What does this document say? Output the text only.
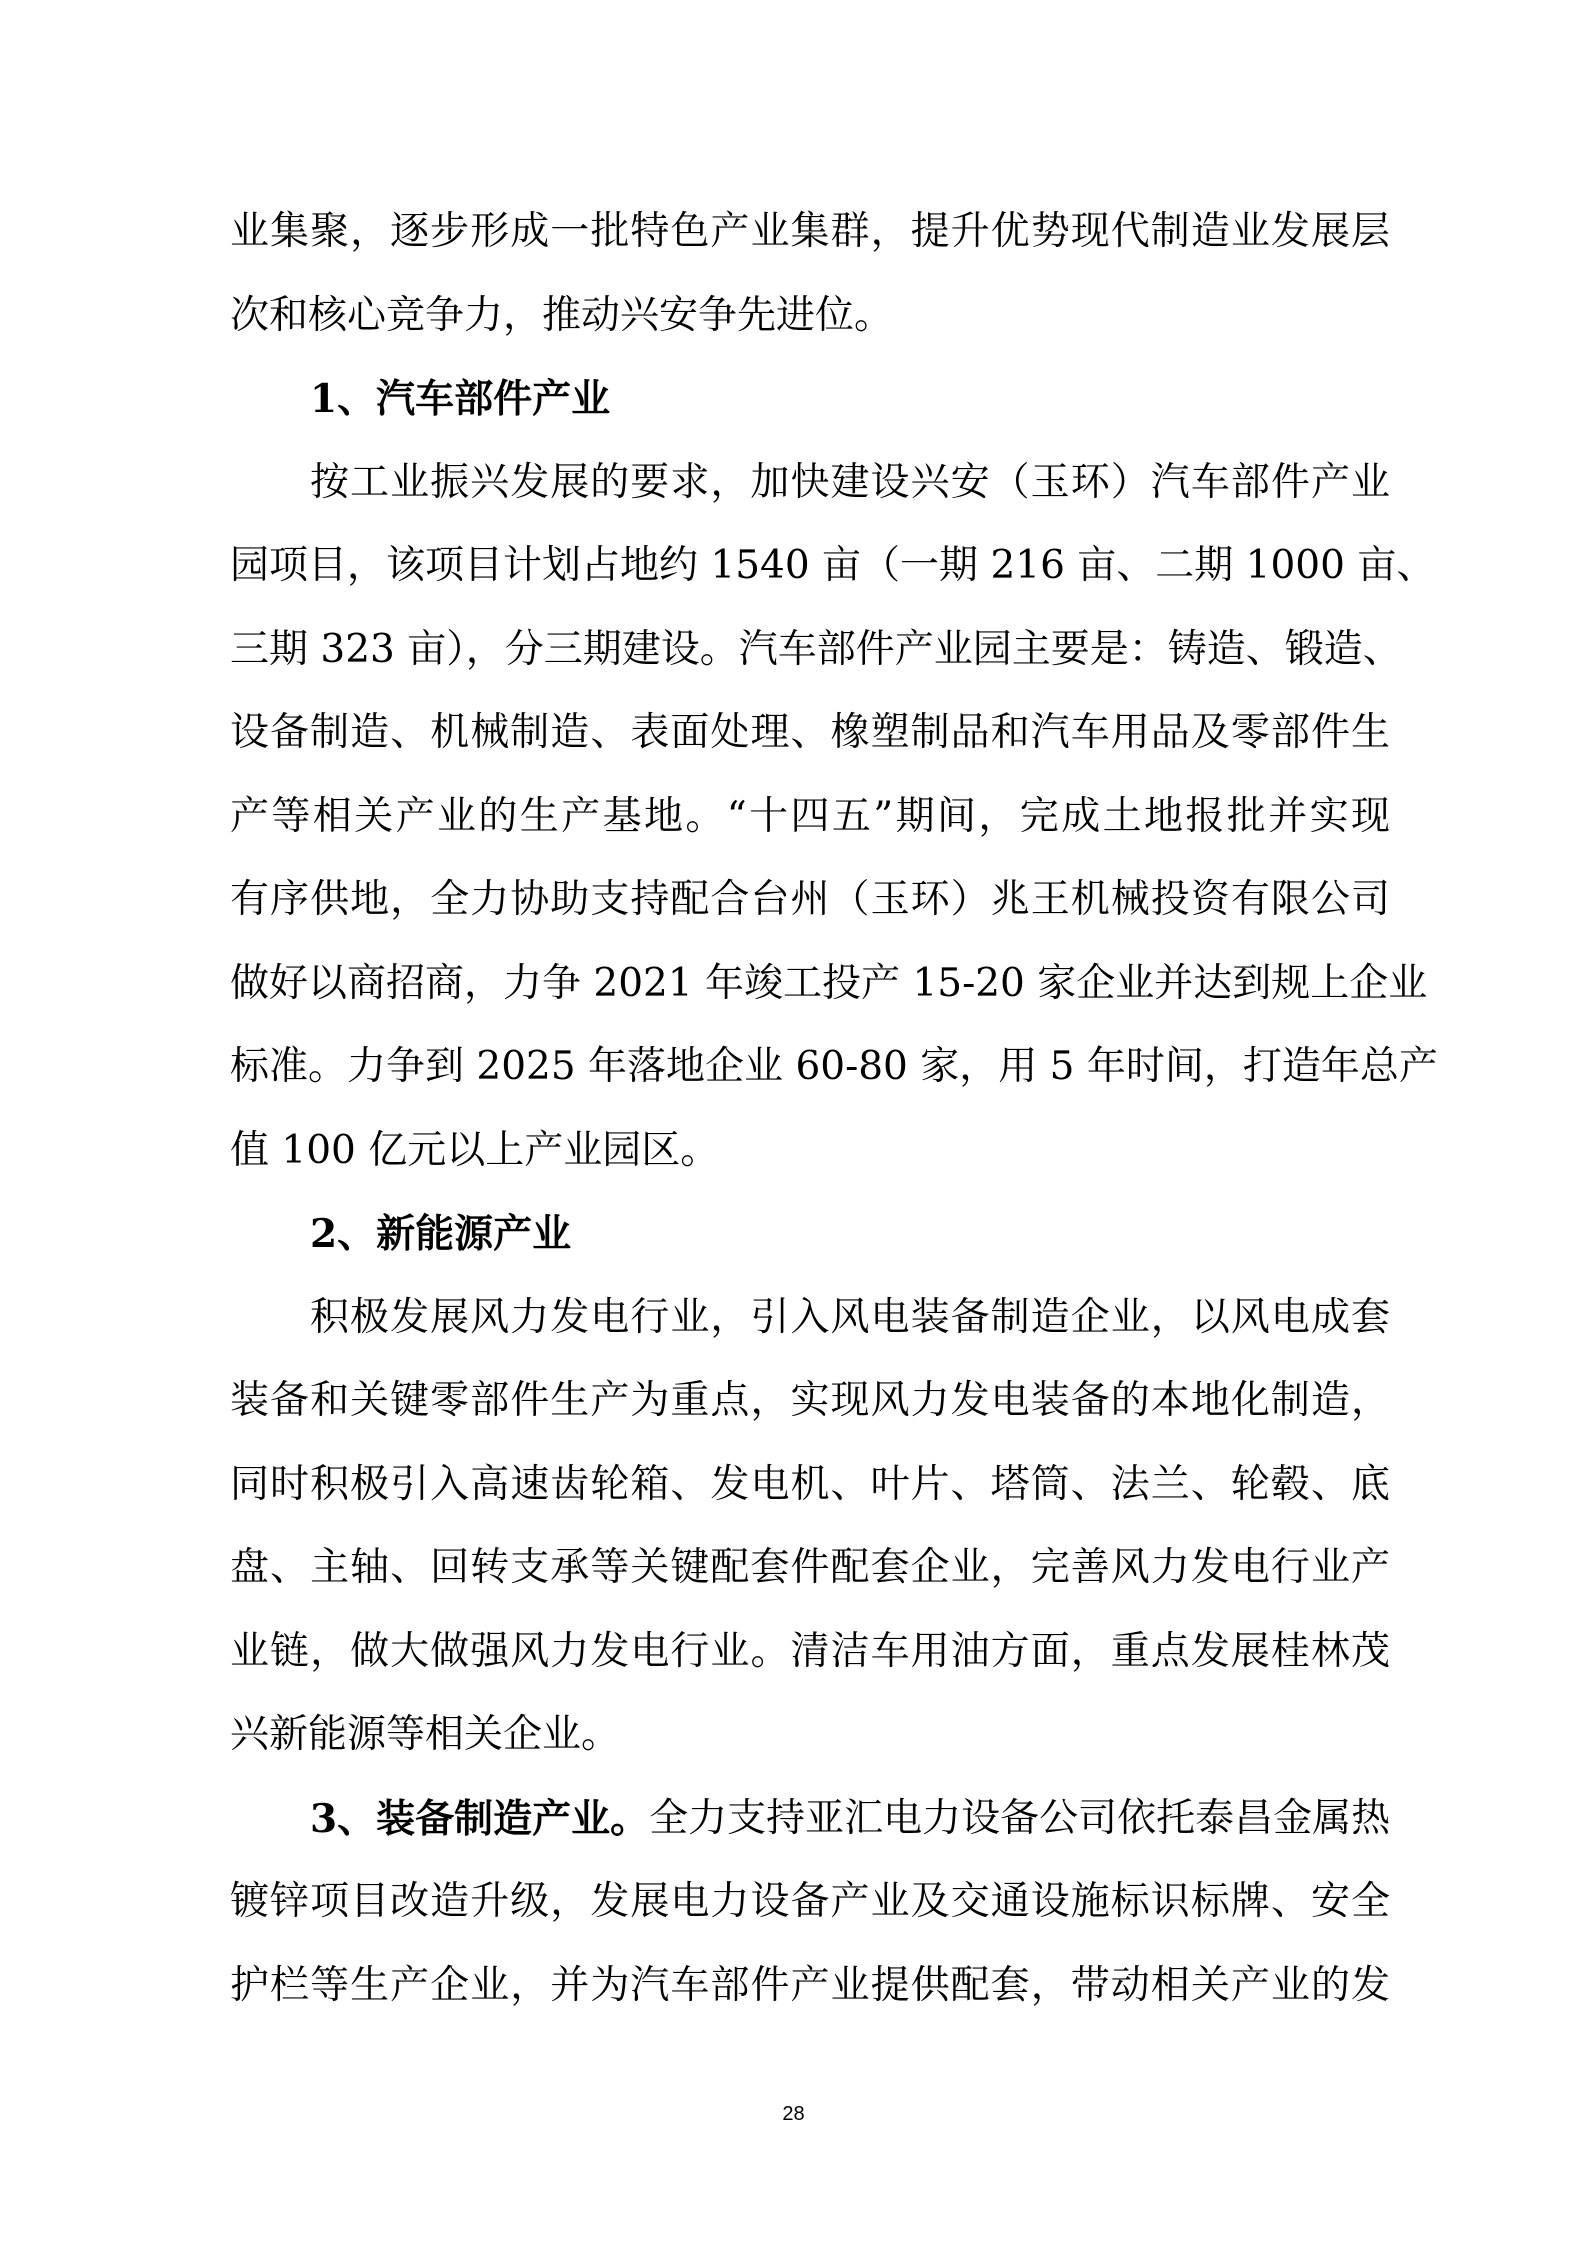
业集聚，逐步形成一批特色产业集群，提升优势现代制造业发展层
次和核心竞争力，推动兴安争先进位。
1、汽车部件产业
按工业振兴发展的要求，加快建设兴安（玉环）汽车部件产业
园项目，该项目计划占地约 1540 亩（一期 216 亩、二期 1000 亩、
三期 323 亩），分三期建设。汽车部件产业园主要是：铸造、锻造、
设备制造、机械制造、表面处理、橡塑制品和汽车用品及零部件生
产等相关产业的生产基地。“十四五”期间，完成土地报批并实现
有序供地，全力协助支持配合台州（玉环）兆王机械投资有限公司
做好以商招商，力争 2021 年竣工投产 15-20 家企业并达到规上企业
标准。力争到 2025 年落地企业 60-80 家，用 5 年时间，打造年总产
值 100 亿元以上产业园区。
2、新能源产业
积极发展风力发电行业，引入风电装备制造企业，以风电成套
装备和关键零部件生产为重点，实现风力发电装备的本地化制造，
同时积极引入高速齿轮箱、发电机、叶片、塔筒、法兰、轮毂、底
盘、主轴、回转支承等关键配套件配套企业，完善风力发电行业产
业链，做大做强风力发电行业。清洁车用油方面，重点发展桂林茂
兴新能源等相关企业。
3、装备制造产业。 全力支持亚汇电力设备公司依托泰昌金属热
镀锌项目改造升级，发展电力设备产业及交通设施标识标牌、安全
护栏等生产企业，并为汽车部件产业提供配套，带动相关产业的发
28
